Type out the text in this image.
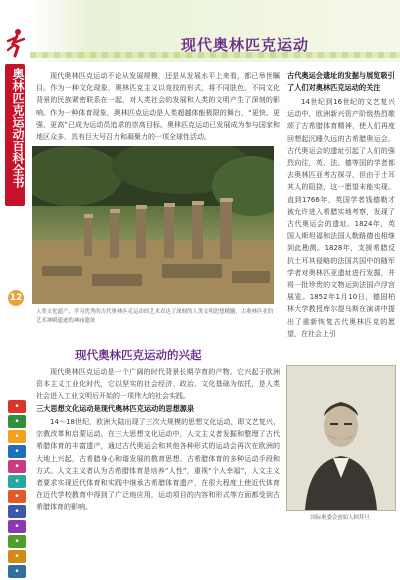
现代奥林匹克运动
奥林匹克运动百科全书
12
•
•
•
•
•
•
•
•
•
•
•
•

现代奥林匹克运动不论从发展规模，还是从发展水平上来看，都已举世瞩目。作为一种文化现象，奥林匹克主义以竞技的形式，将不同肤色、不同文化背景的民族紧密联系在一起，对人类社会的发展和人类的文明产生了深刻的影响。作为一种体育现象，奥林匹克运动是人类超越体能极限的舞台，“更快、更强、更高”已成为运动员追求的崇高目标。奥林匹克运动已发展成为参与国家和地区众多、具有巨大号召力和凝聚力的一项全球性活动。

人类文化遗产，学习优秀的古代奥林匹克运动的艺术表达了深刻的人类文明思想精髓，古奥林匹亚的艺术神殿遗迹的神庙遗址
古代奥运会遗址的发掘与展览吸引了人们对奥林匹克运动的关注

14世纪到16世纪的文艺复兴运动中，欧洲新兴资产阶级热烈歌颂了古希腊体育精神，使人们再度回想起沉睡久远的古希腊奥运会。古代奥运会的遗址引起了人们的强烈向往，英、法、德等国的学者都去奥林匹亚考古探寻，但由于土耳其人的阻挠，这一愿望未能实现。直到1766年，英国学者钱德勒才被允许进入希腊实地考察，发现了古代奥运会的遗址。1824年，英国人斯坦福和法国人勒路德也相继到此勘测。1828年，支援希腊反抗土耳其侵略的法国共国中的随军学者对奥林匹亚遗址进行发掘，并将一批珍贵的文物运到法国卢浮宫展览。1852年1月10日，德国柏林大学教授库尔提乌斯在演讲中提出了重新恢复古代奥林匹克的愿望，在社会上引

现代奥林匹克运动的兴起

现代奥林匹克运动是一个广阔的时代背景长期孕育的产物。它兴起于欧洲资本主义工业化时代，它以坚实的社会经济、政治、文化基础为依托，是人类社会进入工业文明后开始的一项伟大的社会实践。

三大思想文化运动是现代奥林匹克运动的思想源泉

14～18世纪，欧洲大陆出现了三次大规模的思想文化运动，即文艺复兴、宗教改革和启蒙运动。在三大思想文化运动中，人文主义者发掘和整理了古代希腊体育的丰富遗产，通过古代奥运会和其他各种形式的运动会再次在欧洲的大地上兴起，古希腊身心和谐发展的教育思想、古希腊体育的多种运动手段和方式。人文主义者认为古希腊体育是培养“人性”，重视“个人幸福”，人文主义者要求实现近代体育和实践中继承古希腊体育遗产，在很大程度上使近代体育在近代学校教育中得到了广泛地应用，运动项目的内容和形式等方面都受到古希腊体育的影响。

国际奥委会创始人顾拜旦
